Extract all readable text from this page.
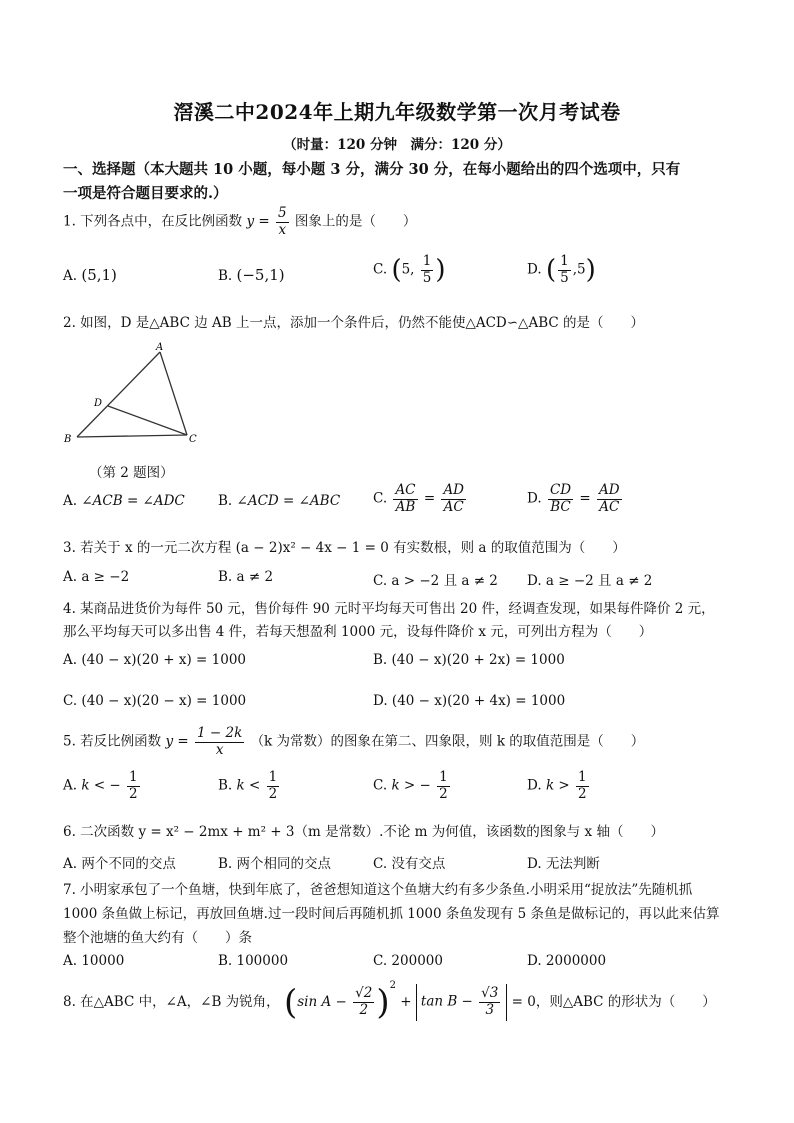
滘溪二中2024年上期九年级数学第一次月考试卷
（时量：120 分钟　满分：120 分）
一、选择题（本大题共 10 小题，每小题 3 分，满分 30 分，在每小题给出的四个选项中，只有
一项是符合题目要求的.）
1. 下列各点中，在反比例函数 $y = \frac{5}{x}$ 图象上的是（　　）
A. (5,1)	B. (−5,1)	C. (5, $\frac{1}{5}$ )	D. ( $\frac{1}{5} ,5$)
2. 如图，D 是△ABC 边 AB 上一点，添加一个条件后，仍然不能使△ACD∽△ABC 的是（　　）
A
B	C
D
（第 2 题图）
A. ∠ACB = ∠ADC B. ∠ACD = ∠ABC C. $\frac{AC}{AB} = \frac{AD}{AC}$	D. $\frac{CD}{BC} = \frac{AD}{AC}$
3. 若关于 x 的一元二次方程 (a − 2)x² − 4x − 1 = 0 有实数根，则 a 的取值范围为（　　）
A. a ≥ −2	B. a ≠ 2	C. a > −2 且 a ≠ 2 D. a ≥ −2 且 a ≠ 2
4. 某商品进货价为每件 50 元，售价每件 90 元时平均每天可售出 20 件，经调查发现，如果每件降价 2 元，
那么平均每天可以多出售 4 件，若每天想盈利 1000 元，设每件降价 x 元，可列出方程为（　　）
A. (40 − x)(20 + x) = 1000	B. (40 − x)(20 + 2x) = 1000
C. (40 − x)(20 − x) = 1000	D. (40 − x)(20 + 4x) = 1000
5. 若反比例函数 $y = \frac{1 - 2k}{x} (k$ 为常数）的图象在第二、四象限，则 k 的取值范围是（　　）
A. k < − $\frac{1}{2}$	B. $k < \frac{1}{2}$	C. k > − $\frac{1}{2}$	D. $k > \frac{1}{2}$
6. 二次函数 y = x² − 2mx + m² + 3（m 是常数）.不论 m 为何值，该函数的图象与 x 轴（　　）
A. 两个不同的交点	B. 两个相同的交点	C. 没有交点	D. 无法判断
7. 小明家承包了一个鱼塘，快到年底了，爸爸想知道这个鱼塘大约有多少条鱼.小明采用“捉放法”先随机抓
1000 条鱼做上标记，再放回鱼塘.过一段时间后再随机抓 1000 条鱼发现有 5 条鱼是做标记的，再以此来估算
整个池塘的鱼大约有（　　）条
A. 10000	B. 100000	C. 200000	D. 2000000
8. 在△ABC 中，∠A，∠B 为锐角， (sin $A - \frac{√2}{2} )^2 + \tan B - \frac{√3}{3} = 0$，则△ABC 的形状为（　　）
